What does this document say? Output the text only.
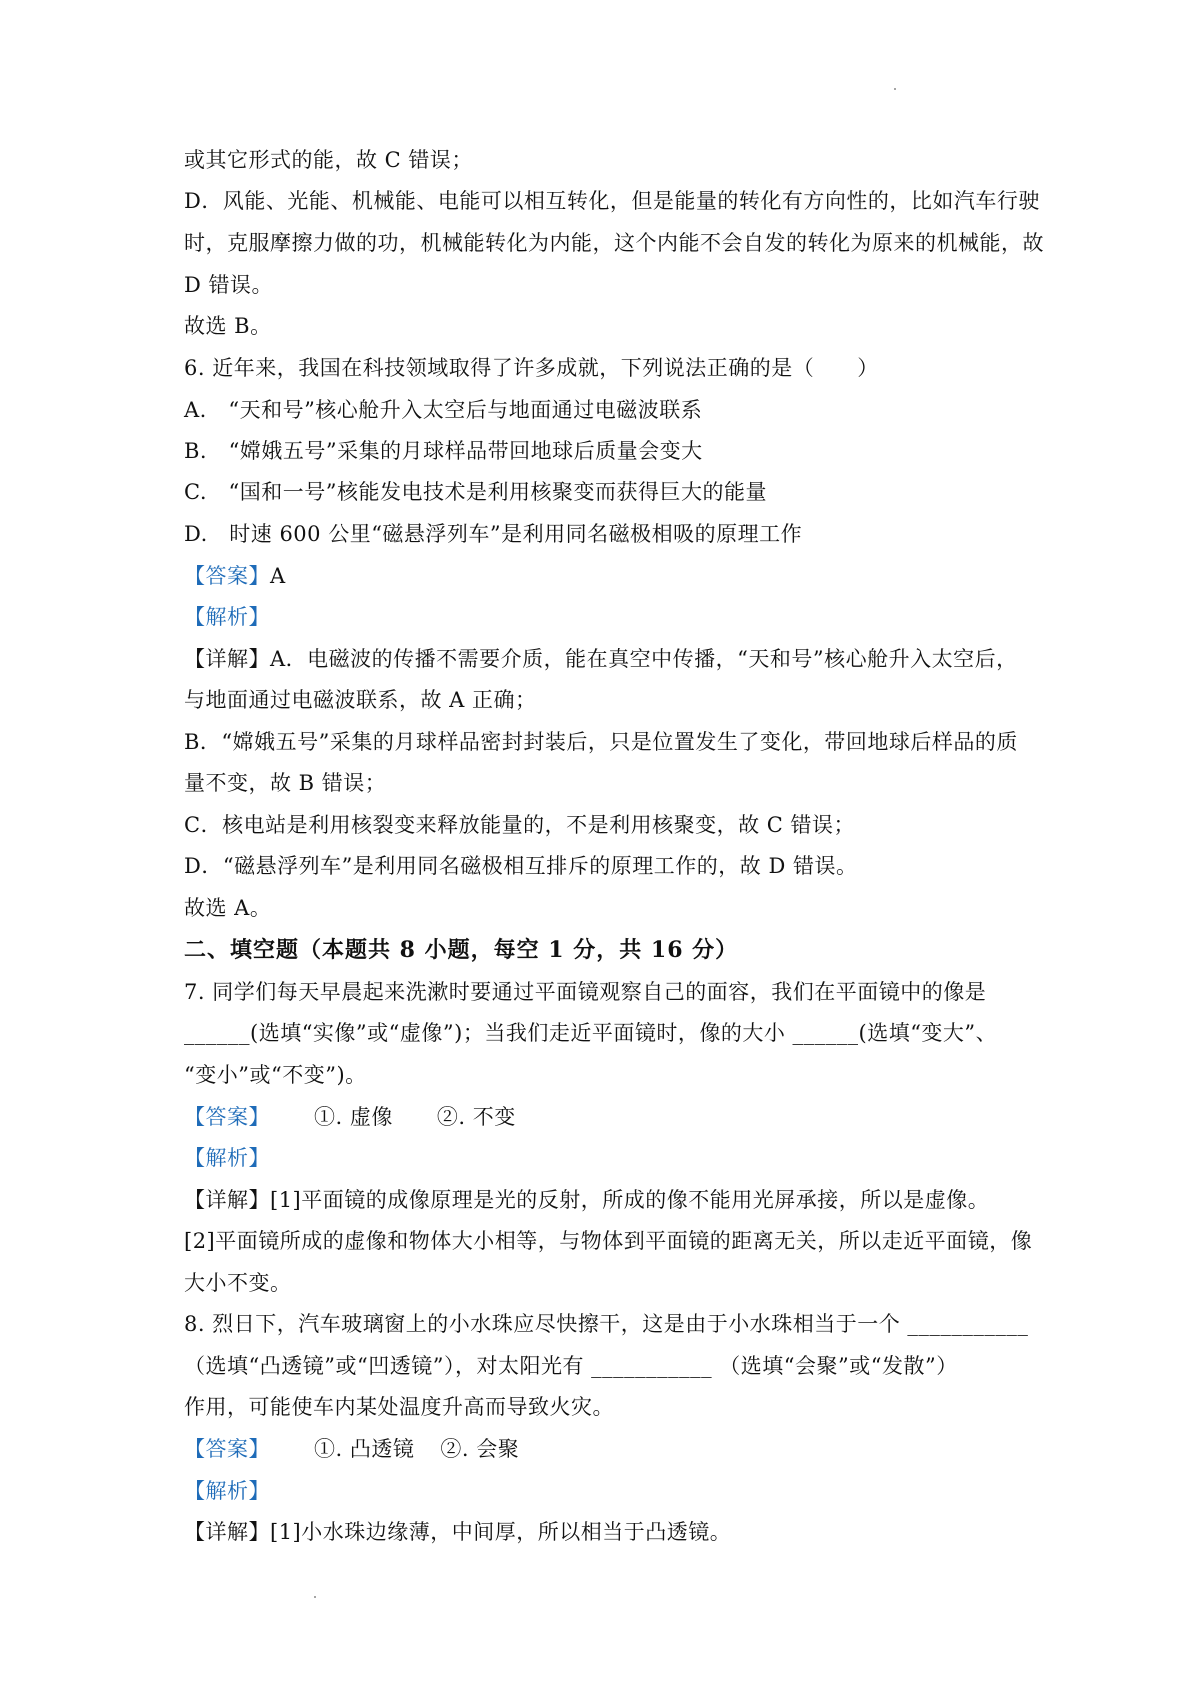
或其它形式的能，故 C 错误；
D．风能、光能、机械能、电能可以相互转化，但是能量的转化有方向性的，比如汽车行驶
时，克服摩擦力做的功，机械能转化为内能，这个内能不会自发的转化为原来的机械能，故
D 错误。
故选 B。
6. 近年来，我国在科技领域取得了许多成就，下列说法正确的是（　　）
A.　“天和号”核心舱升入太空后与地面通过电磁波联系
B.　“嫦娥五号”采集的月球样品带回地球后质量会变大
C.　“国和一号”核能发电技术是利用核聚变而获得巨大的能量
D.　时速 600 公里“磁悬浮列车”是利用同名磁极相吸的原理工作
【答案】A
【解析】
【详解】A．电磁波的传播不需要介质，能在真空中传播，“天和号”核心舱升入太空后，
与地面通过电磁波联系，故 A 正确；
B．“嫦娥五号”采集的月球样品密封封装后，只是位置发生了变化，带回地球后样品的质
量不变，故 B 错误；
C．核电站是利用核裂变来释放能量的，不是利用核聚变，故 C 错误；
D．“磁悬浮列车”是利用同名磁极相互排斥的原理工作的，故 D 错误。
故选 A。
二、填空题（本题共 8 小题，每空 1 分，共 16 分）
7. 同学们每天早晨起来洗漱时要通过平面镜观察自己的面容，我们在平面镜中的像是
______(选填“实像”或“虚像”)；当我们走近平面镜时，像的大小 ______(选填“变大”、
“变小”或“不变”)。
【答案】 ①. 虚像 ②. 不变
【解析】
【详解】[1]平面镜的成像原理是光的反射，所成的像不能用光屏承接，所以是虚像。
[2]平面镜所成的虚像和物体大小相等，与物体到平面镜的距离无关，所以走近平面镜，像
大小不变。
8. 烈日下，汽车玻璃窗上的小水珠应尽快擦干，这是由于小水珠相当于一个 ___________
（选填“凸透镜”或“凹透镜”），对太阳光有 ___________ （选填“会聚”或“发散”）
作用，可能使车内某处温度升高而导致火灾。
【答案】 ①. 凸透镜 ②. 会聚
【解析】
【详解】[1]小水珠边缘薄，中间厚，所以相当于凸透镜。
